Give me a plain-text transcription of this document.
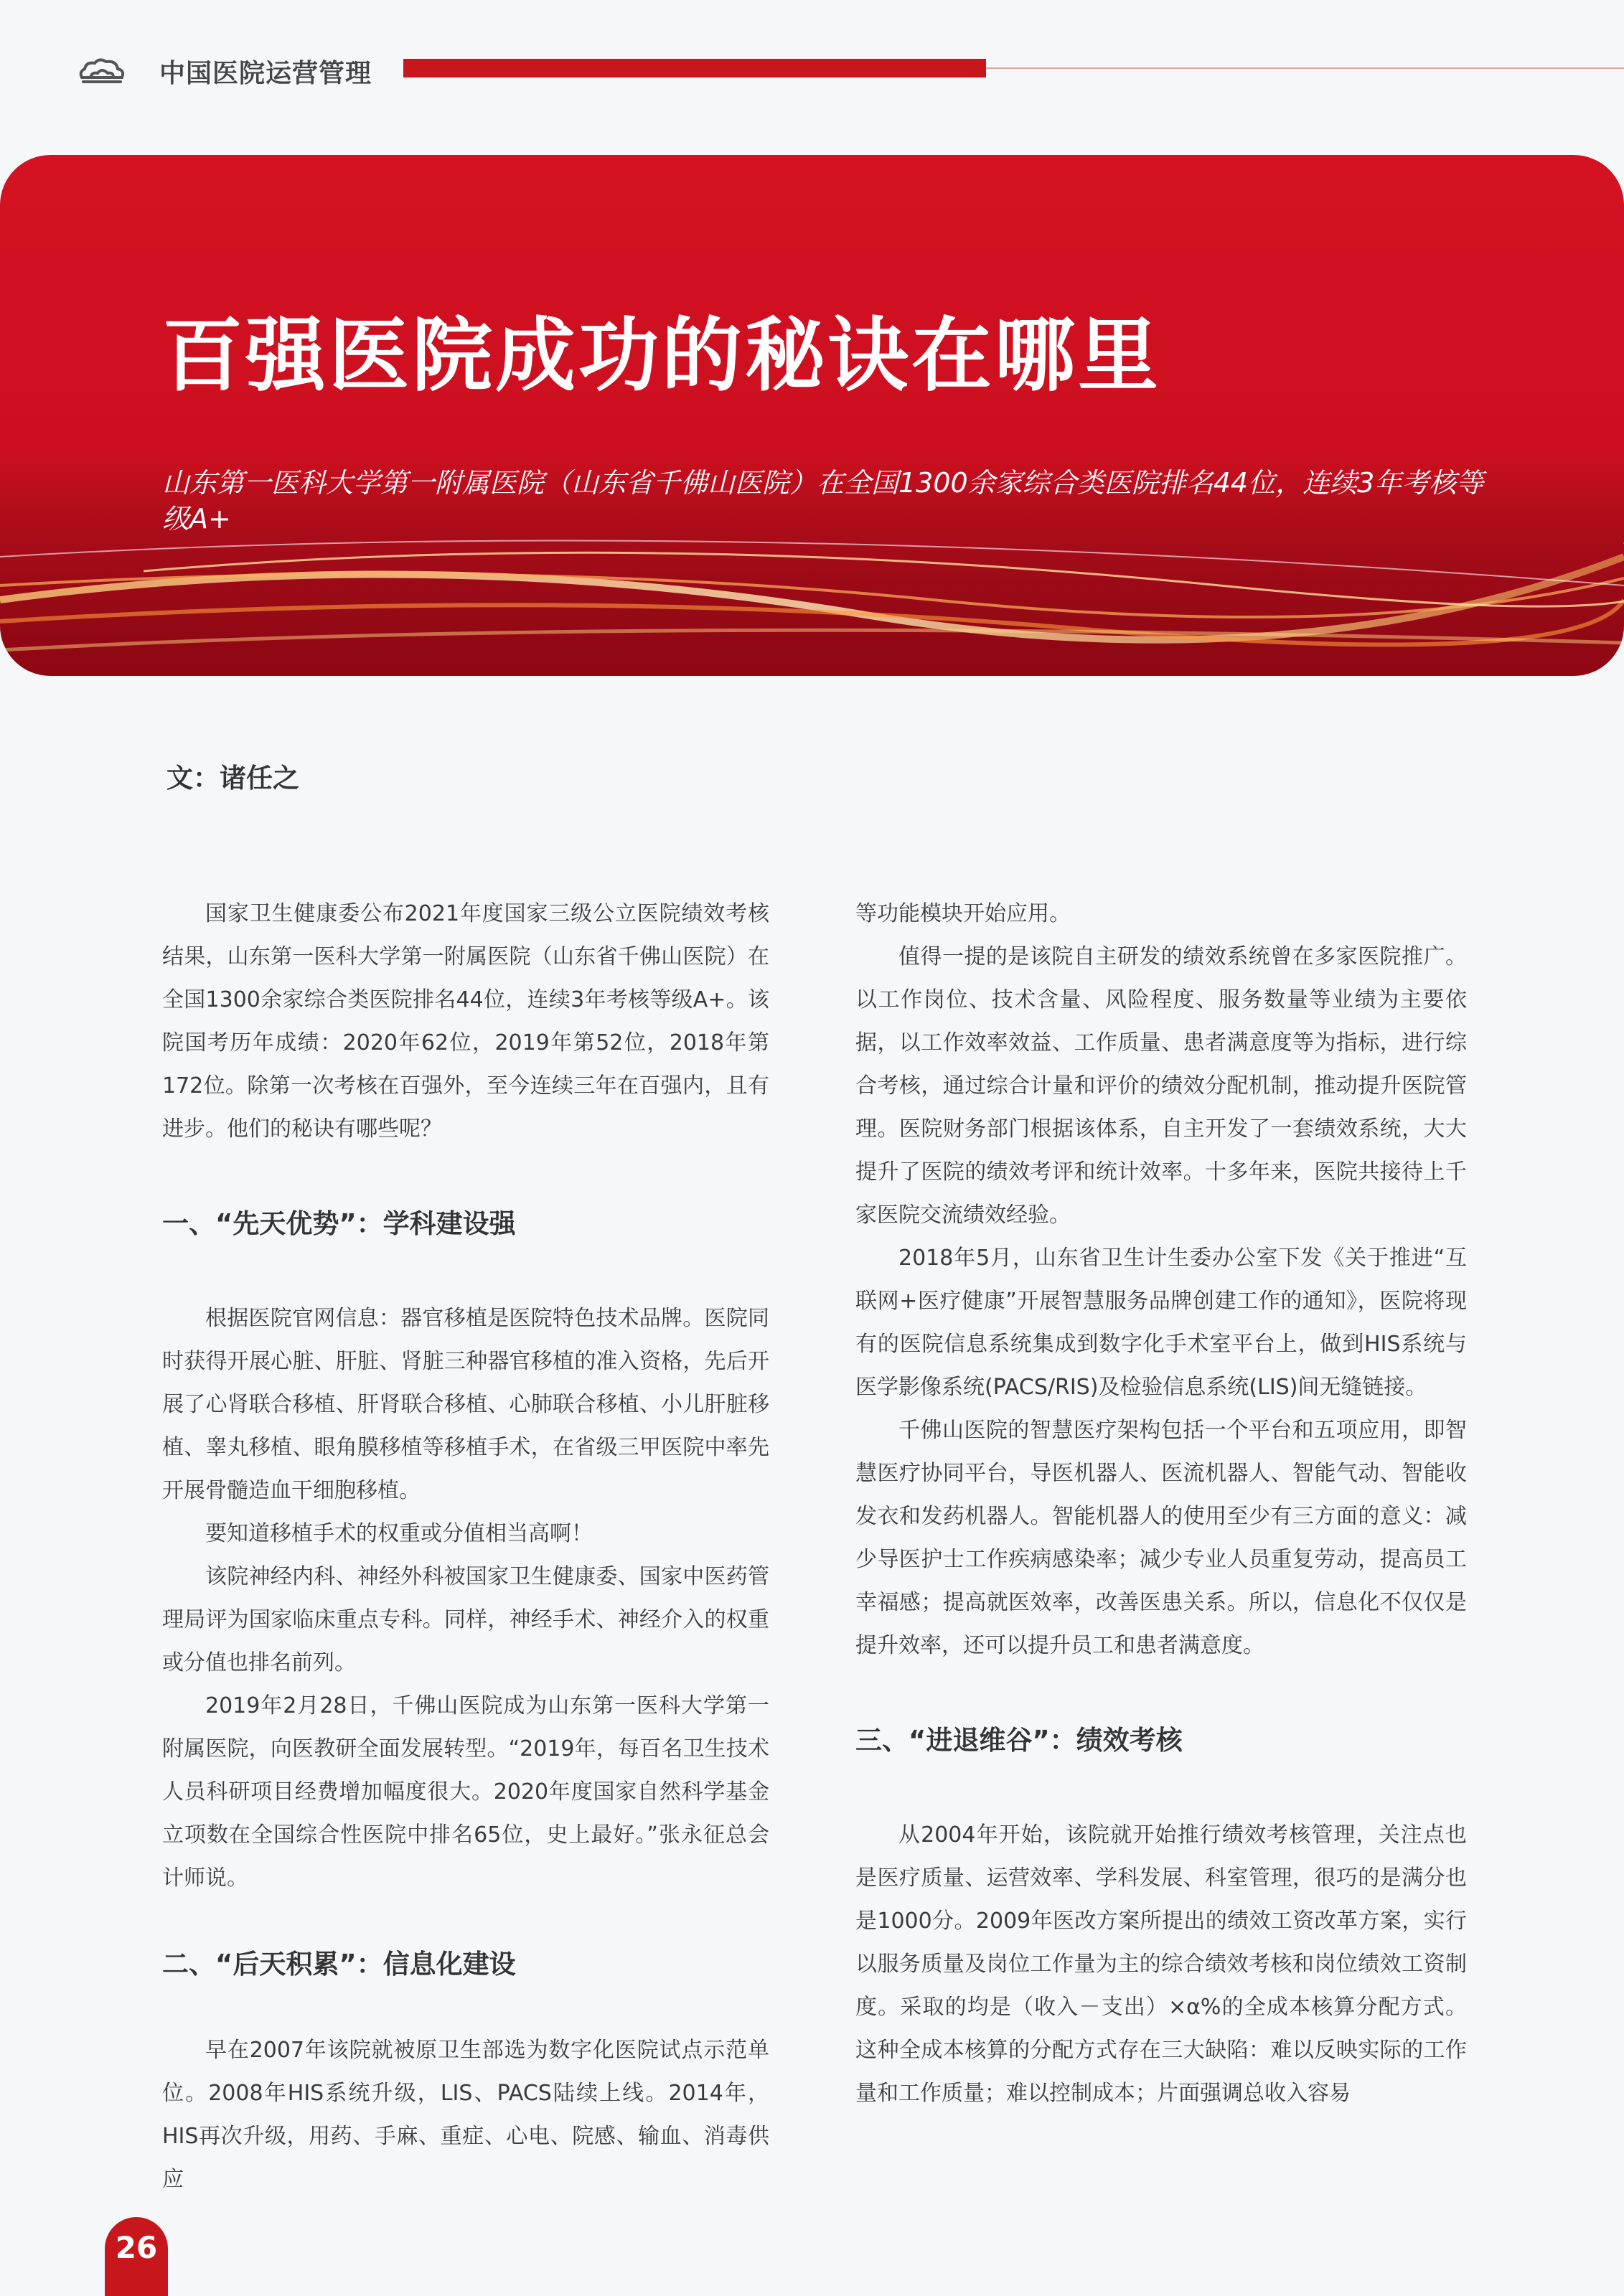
中国医院运营管理
百强医院成功的秘诀在哪里
山东第一医科大学第一附属医院（山东省千佛山医院）在全国1300余家综合类医院排名44位，连续3年考核等级A+
文：诸任之

国家卫生健康委公布2021年度国家三级公立医院绩效考核结果，山东第一医科大学第一附属医院（山东省千佛山医院）在全国1300余家综合类医院排名44位，连续3年考核等级A+。该院国考历年成绩：2020年62位，2019年第52位，2018年第172位。除第一次考核在百强外，至今连续三年在百强内，且有进步。他们的秘诀有哪些呢？

一、“先天优势”：学科建设强

根据医院官网信息：器官移植是医院特色技术品牌。医院同时获得开展心脏、肝脏、肾脏三种器官移植的准入资格，先后开展了心肾联合移植、肝肾联合移植、心肺联合移植、小儿肝脏移植、睾丸移植、眼角膜移植等移植手术，在省级三甲医院中率先开展骨髓造血干细胞移植。

要知道移植手术的权重或分值相当高啊！

该院神经内科、神经外科被国家卫生健康委、国家中医药管理局评为国家临床重点专科。同样，神经手术、神经介入的权重或分值也排名前列。

2019年2月28日，千佛山医院成为山东第一医科大学第一附属医院，向医教研全面发展转型。“2019年，每百名卫生技术人员科研项目经费增加幅度很大。2020年度国家自然科学基金立项数在全国综合性医院中排名65位，史上最好。”张永征总会计师说。

二、“后天积累”：信息化建设

早在2007年该院就被原卫生部选为数字化医院试点示范单位。2008年HIS系统升级，LIS、PACS陆续上线。2014年，HIS再次升级，用药、手麻、重症、心电、院感、输血、消毒供应

等功能模块开始应用。

值得一提的是该院自主研发的绩效系统曾在多家医院推广。以工作岗位、技术含量、风险程度、服务数量等业绩为主要依据，以工作效率效益、工作质量、患者满意度等为指标，进行综合考核，通过综合计量和评价的绩效分配机制，推动提升医院管理。医院财务部门根据该体系，自主开发了一套绩效系统，大大提升了医院的绩效考评和统计效率。十多年来，医院共接待上千家医院交流绩效经验。

2018年5月，山东省卫生计生委办公室下发《关于推进“互联网+医疗健康”开展智慧服务品牌创建工作的通知》，医院将现有的医院信息系统集成到数字化手术室平台上，做到HIS系统与医学影像系统(PACS/RIS)及检验信息系统(LIS)间无缝链接。

千佛山医院的智慧医疗架构包括一个平台和五项应用，即智慧医疗协同平台，导医机器人、医流机器人、智能气动、智能收发衣和发药机器人。智能机器人的使用至少有三方面的意义：减少导医护士工作疾病感染率；减少专业人员重复劳动，提高员工幸福感；提高就医效率，改善医患关系。所以，信息化不仅仅是提升效率，还可以提升员工和患者满意度。

三、“进退维谷”：绩效考核

从2004年开始，该院就开始推行绩效考核管理，关注点也是医疗质量、运营效率、学科发展、科室管理，很巧的是满分也是1000分。2009年医改方案所提出的绩效工资改革方案，实行以服务质量及岗位工作量为主的综合绩效考核和岗位绩效工资制度。采取的均是（收入－支出）×α%的全成本核算分配方式。这种全成本核算的分配方式存在三大缺陷：难以反映实际的工作量和工作质量；难以控制成本；片面强调总收入容易

26
